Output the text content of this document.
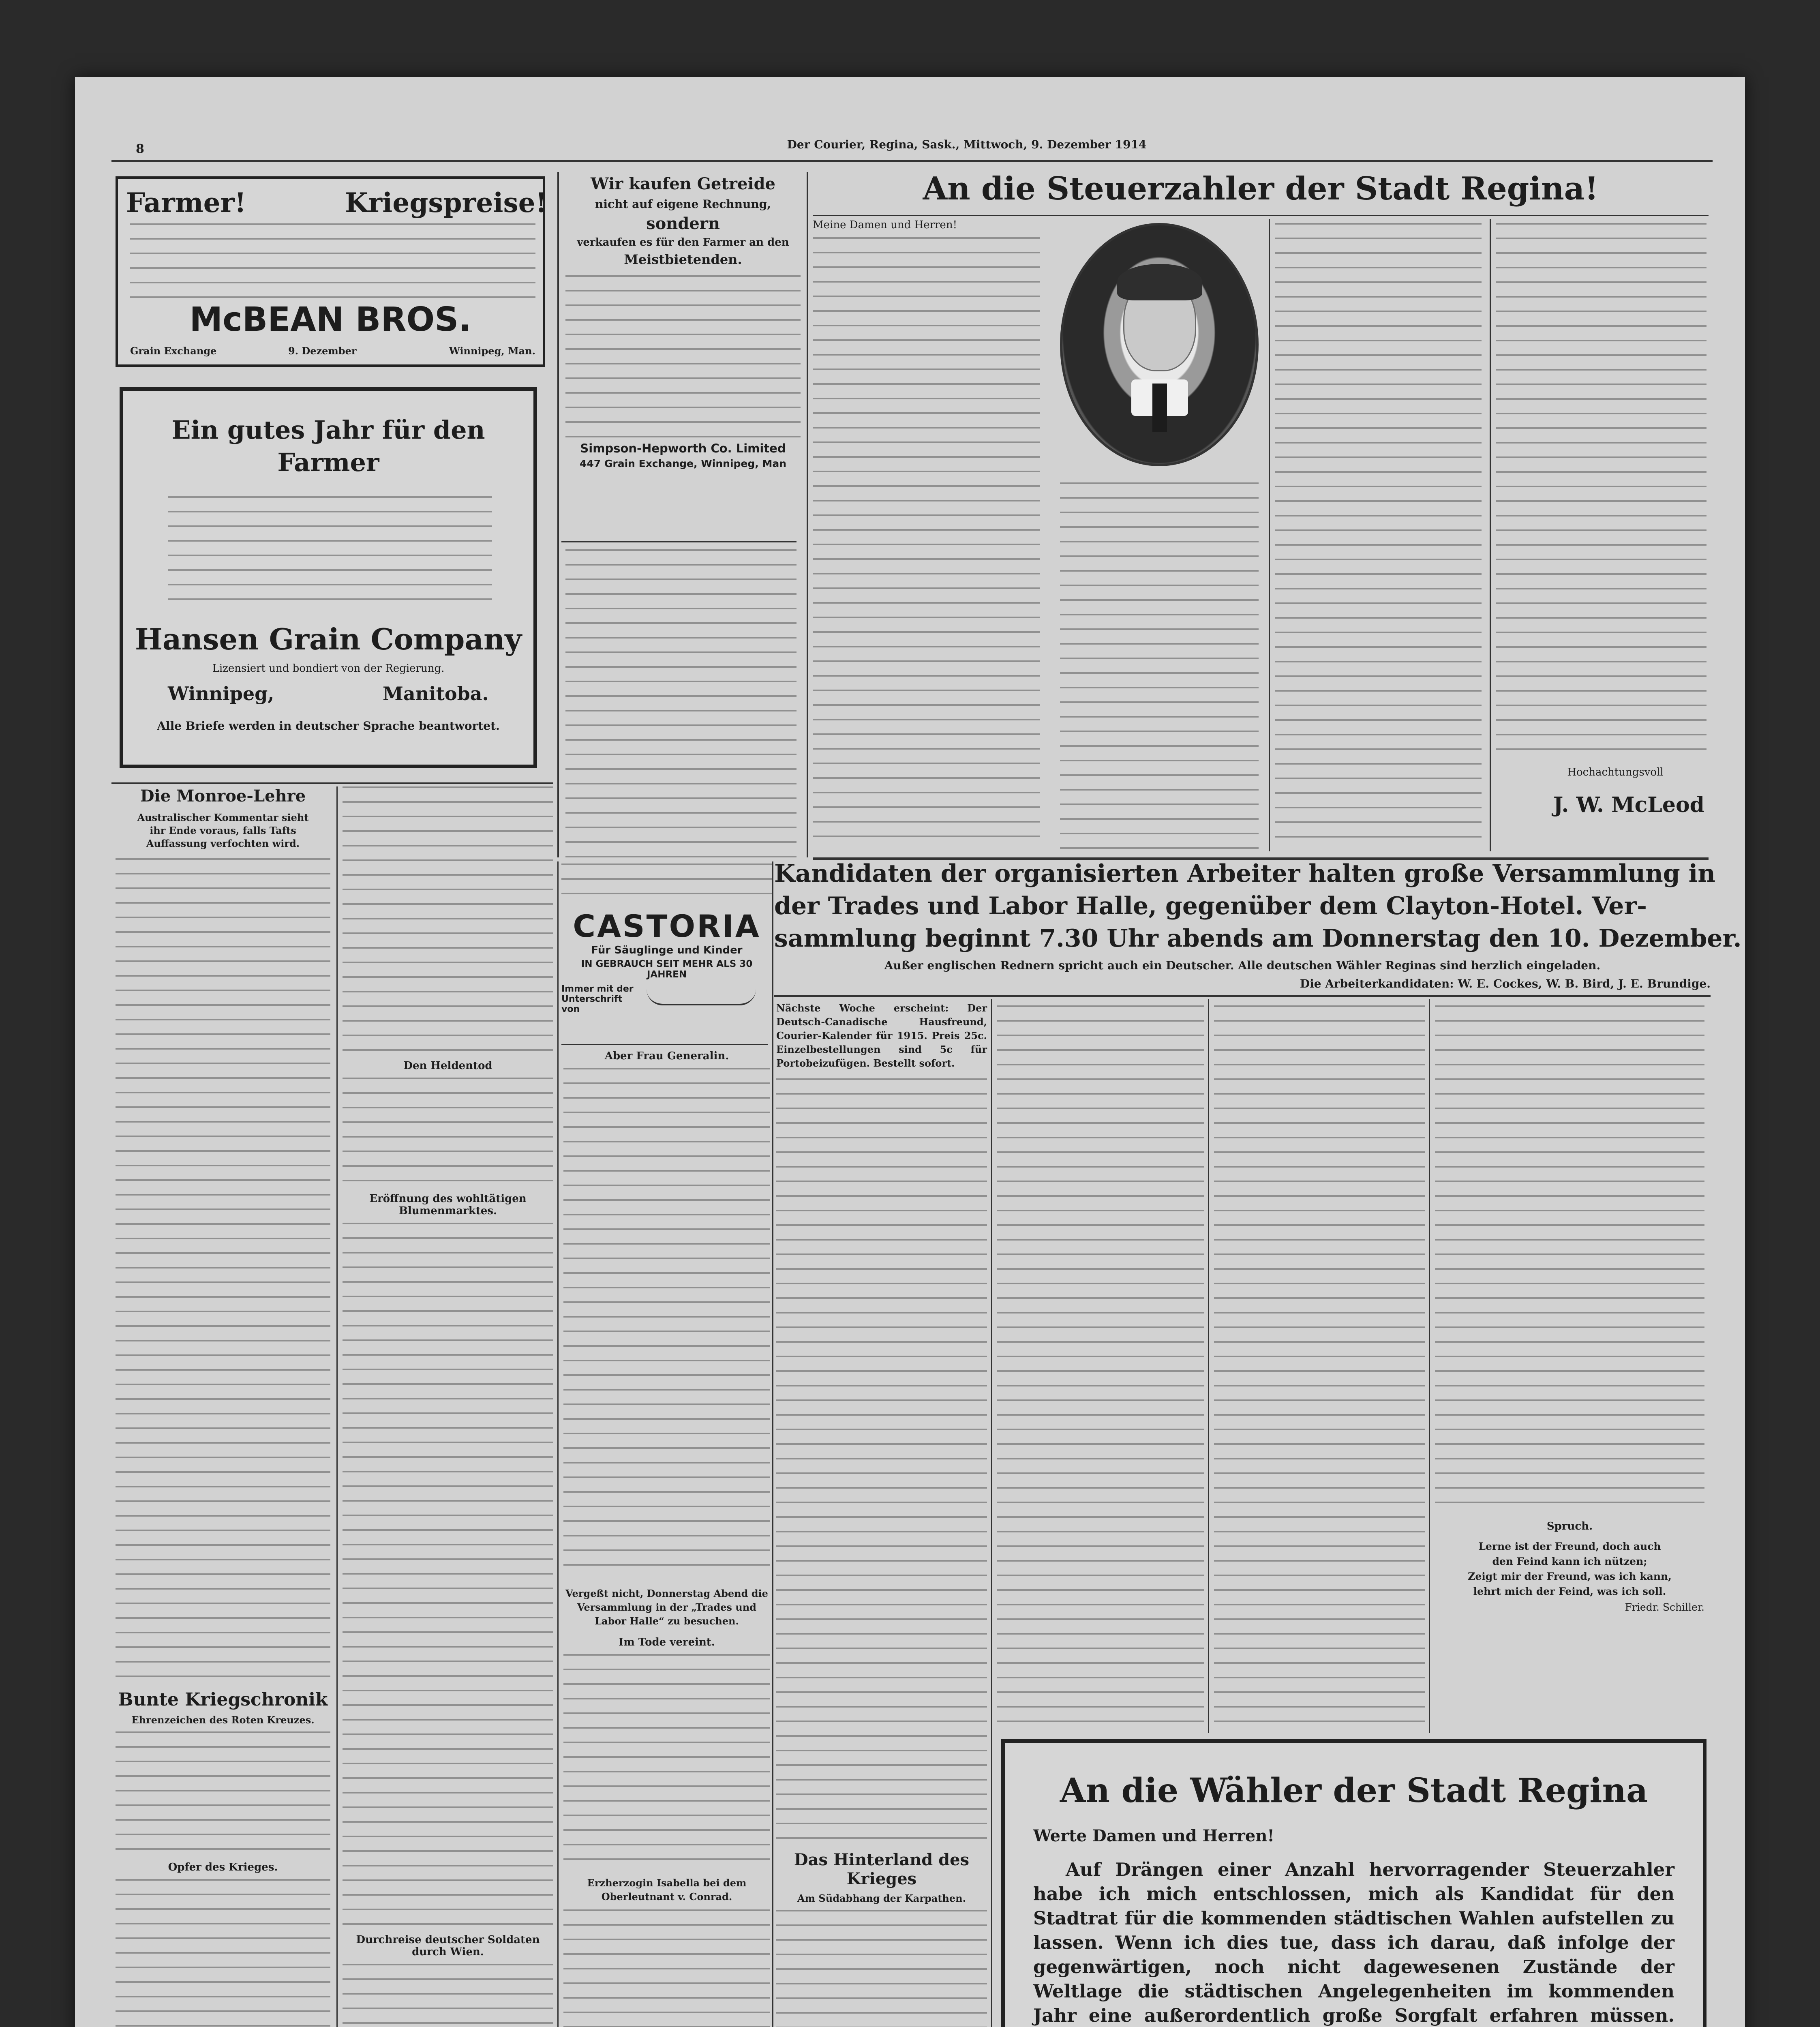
8	Der Courier, Regina, Sask., Mittwoch, 9. Dezember 1914
Farmer!	Kriegspreise!
McBEAN BROS.
Grain Exchange	9. Dezember	Winnipeg, Man.
Ein gutes Jahr für den
Farmer
Hansen Grain Company
Lizensiert und bondiert von der Regierung.
Winnipeg,	Manitoba.
Alle Briefe werden in deutscher Sprache beantwortet.
Wir kaufen Getreide
nicht auf eigene Rechnung,
sondern
verkaufen es für den Farmer an den
Meistbietenden.
Simpson-Hepworth Co. Limited
447 Grain Exchange, Winnipeg, Man
An die Steuerzahler der Stadt Regina!
Meine Damen und Herren!
Hochachtungsvoll
J. W. McLeod
Kandidaten der organisierten Arbeiter halten große Versammlung in
der Trades und Labor Halle, gegenüber dem Clayton-Hotel. Ver-
sammlung beginnt 7.30 Uhr abends am Donnerstag den 10. Dezember.
Außer englischen Rednern spricht auch ein Deutscher. Alle deutschen Wähler Reginas sind herzlich eingeladen.
Die Arbeiterkandidaten: W. E. Cockes, W. B. Bird, J. E. Brundige.
Die Monroe-Lehre
Australischer Kommentar sieht ihr Ende voraus, falls Tafts Auffassung verfochten wird.
Bunte Kriegschronik
Ehrenzeichen des Roten Kreuzes.
Opfer des Krieges.
Den Heldentod
Eröffnung des wohltätigen Blumenmarktes.
Durchreise deutscher Soldaten durch Wien.
CASTORIA
Für Säuglinge und Kinder
IN GEBRAUCH SEIT MEHR ALS 30 JAHREN
Immer mit der Unterschrift von
Aber Frau Generalin.
Vergeßt nicht, Donnerstag Abend die Versammlung in der „Trades und Labor Halle“ zu besuchen.
Im Tode vereint.
Erzherzogin Isabella bei dem Oberleutnant v. Conrad.
Nächste Woche erscheint: Der Deutsch-Canadische Hausfreund, Courier-Kalender für 1915. Preis 25c. Einzelbestellungen sind 5c für Portobeizufügen. Bestellt sofort.
Das Hinterland des Krieges
Am Südabhang der Karpathen.
Spruch.
Lerne ist der Freund, doch auch
den Feind kann ich nützen;
Zeigt mir der Freund, was ich kann,
lehrt mich der Feind, was ich soll.
Friedr. Schiller.
An die Wähler der Stadt Regina
Werte Damen und Herren!
Auf Drängen einer Anzahl hervorragender Steuerzahler habe ich mich entschlossen, mich als Kandidat für den Stadtrat für die kommenden städtischen Wahlen aufstellen zu lassen. Wenn ich dies tue, dass ich darau, daß infolge der gegenwärtigen, noch nicht dagewesenen Zustände der Weltlage die städtischen Angelegenheiten im kommenden Jahr eine außerordentlich große Sorgfalt erfahren müssen.
